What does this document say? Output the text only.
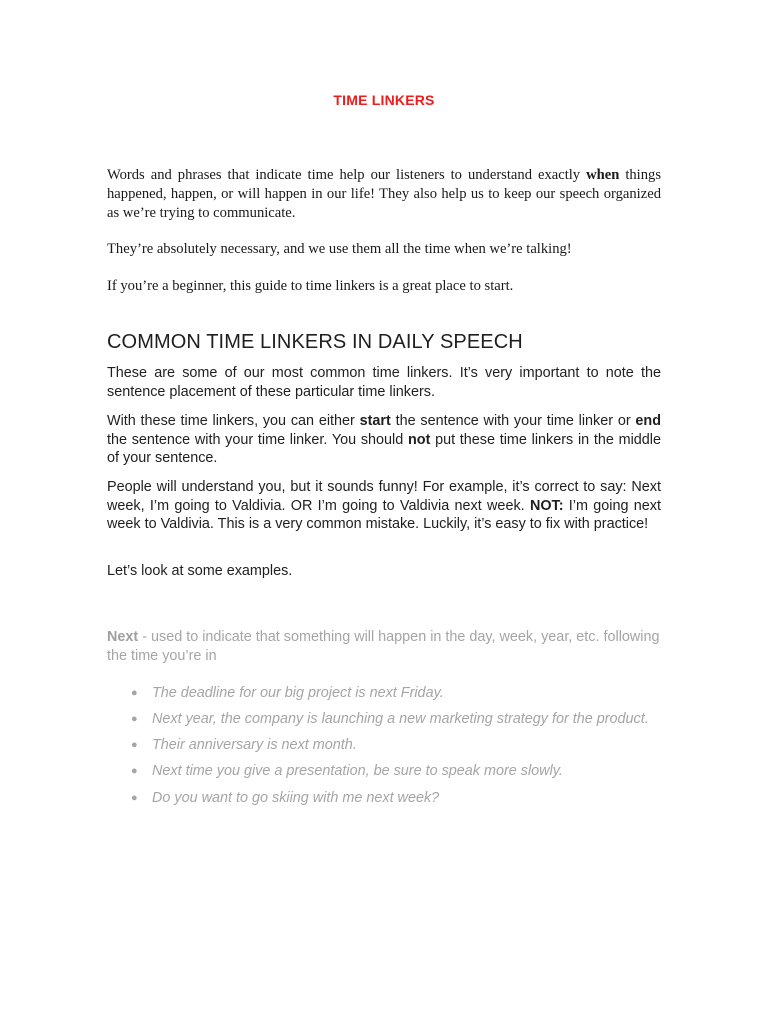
TIME LINKERS

Words and phrases that indicate time help our listeners to understand exactly when things happened, happen, or will happen in our life! They also help us to keep our speech organized as we’re trying to communicate.

They’re absolutely necessary, and we use them all the time when we’re talking!

If you’re a beginner, this guide to time linkers is a great place to start.

COMMON TIME LINKERS IN DAILY SPEECH

These are some of our most common time linkers. It’s very important to note the sentence placement of these particular time linkers.

With these time linkers, you can either start the sentence with your time linker or end the sentence with your time linker. You should not put these time linkers in the middle of your sentence.

People will understand you, but it sounds funny! For example, it’s correct to say: Next week, I’m going to Valdivia. OR I’m going to Valdivia next week. NOT: I’m going next week to Valdivia. This is a very common mistake. Luckily, it’s easy to fix with practice!

Let’s look at some examples.

Next - used to indicate that something will happen in the day, week, year, etc. following the time you’re in
● The deadline for our big project is next Friday.
● Next year, the company is launching a new marketing strategy for the product.
● Their anniversary is next month.
● Next time you give a presentation, be sure to speak more slowly.
● Do you want to go skiing with me next week?
